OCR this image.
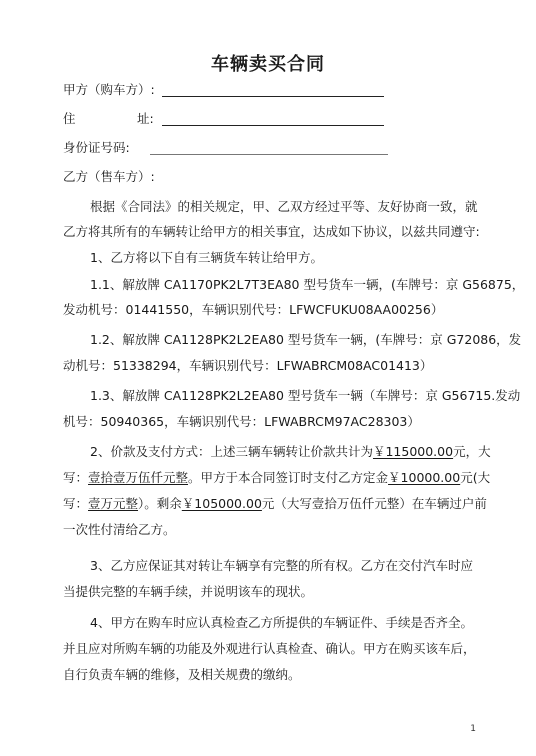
车辆卖买合同
甲方（购车方）:
住	址:
身份证号码:
乙方（售车方）:
根据《合同法》的相关规定，甲、乙双方经过平等、友好协商一致，就
乙方将其所有的车辆转让给甲方的相关事宜，达成如下协议，以兹共同遵守:
1、乙方将以下自有三辆货车转让给甲方。
1.1、解放牌 CA1170PK2L7T3EA80 型号货车一辆，(车牌号：京 G56875，
发动机号：01441550，车辆识别代号：LFWCFUKU08AA00256）
1.2、解放牌 CA1128PK2L2EA80 型号货车一辆，(车牌号：京 G72086，发
动机号：51338294，车辆识别代号：LFWABRCM08AC01413）
1.3、解放牌 CA1128PK2L2EA80 型号货车一辆（车牌号：京 G56715.发动
机号：50940365，车辆识别代号：LFWABRCM97AC28303）
2、价款及支付方式：上述三辆车辆转让价款共计为￥115000.00元，大
写：壹拾壹万伍仟元整。甲方于本合同签订时支付乙方定金￥10000.00元(大
写：壹万元整）。剩余￥105000.00元（大写壹拾万伍仟元整）在车辆过户前
一次性付清给乙方。
3、乙方应保证其对转让车辆享有完整的所有权。乙方在交付汽车时应
当提供完整的车辆手续，并说明该车的现状。
4、甲方在购车时应认真检查乙方所提供的车辆证件、手续是否齐全。
并且应对所购车辆的功能及外观进行认真检查、确认。甲方在购买该车后，
自行负责车辆的维修，及相关规费的缴纳。
1
